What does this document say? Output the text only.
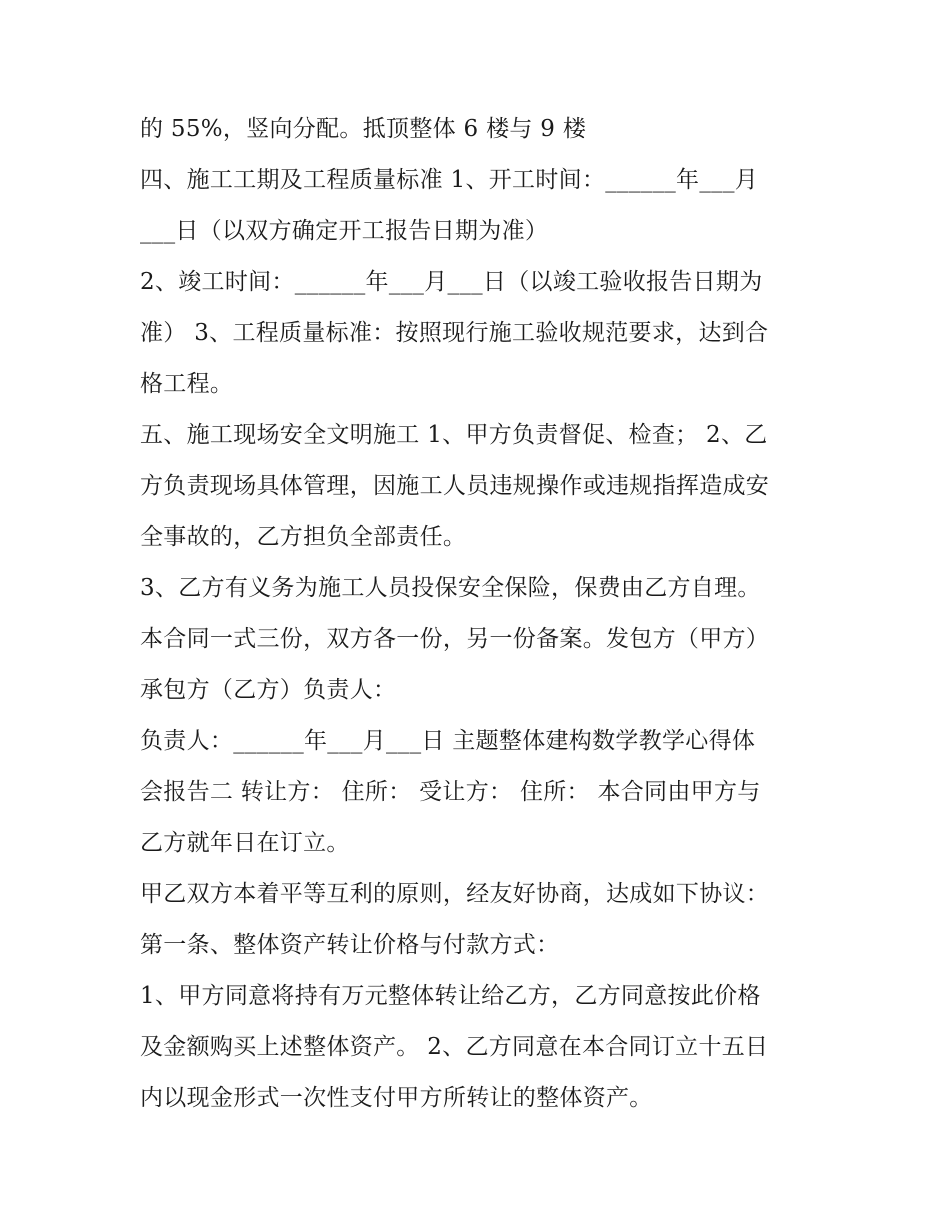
的 55%，竖向分配。抵顶整体 6 楼与 9 楼
四、施工工期及工程质量标准 1、开工时间：______年___月
___日（以双方确定开工报告日期为准）
2、竣工时间：______年___月___日（以竣工验收报告日期为
准） 3、工程质量标准：按照现行施工验收规范要求，达到合
格工程。
五、施工现场安全文明施工 1、甲方负责督促、检查； 2、乙
方负责现场具体管理，因施工人员违规操作或违规指挥造成安
全事故的，乙方担负全部责任。
3、乙方有义务为施工人员投保安全保险，保费由乙方自理。
本合同一式三份，双方各一份，另一份备案。发包方（甲方）
承包方（乙方）负责人：
负责人：______年___月___日 主题整体建构数学教学心得体
会报告二 转让方： 住所： 受让方： 住所： 本合同由甲方与
乙方就年日在订立。
甲乙双方本着平等互利的原则，经友好协商，达成如下协议：
第一条、整体资产转让价格与付款方式：
1、甲方同意将持有万元整体转让给乙方，乙方同意按此价格
及金额购买上述整体资产。 2、乙方同意在本合同订立十五日
内以现金形式一次性支付甲方所转让的整体资产。
